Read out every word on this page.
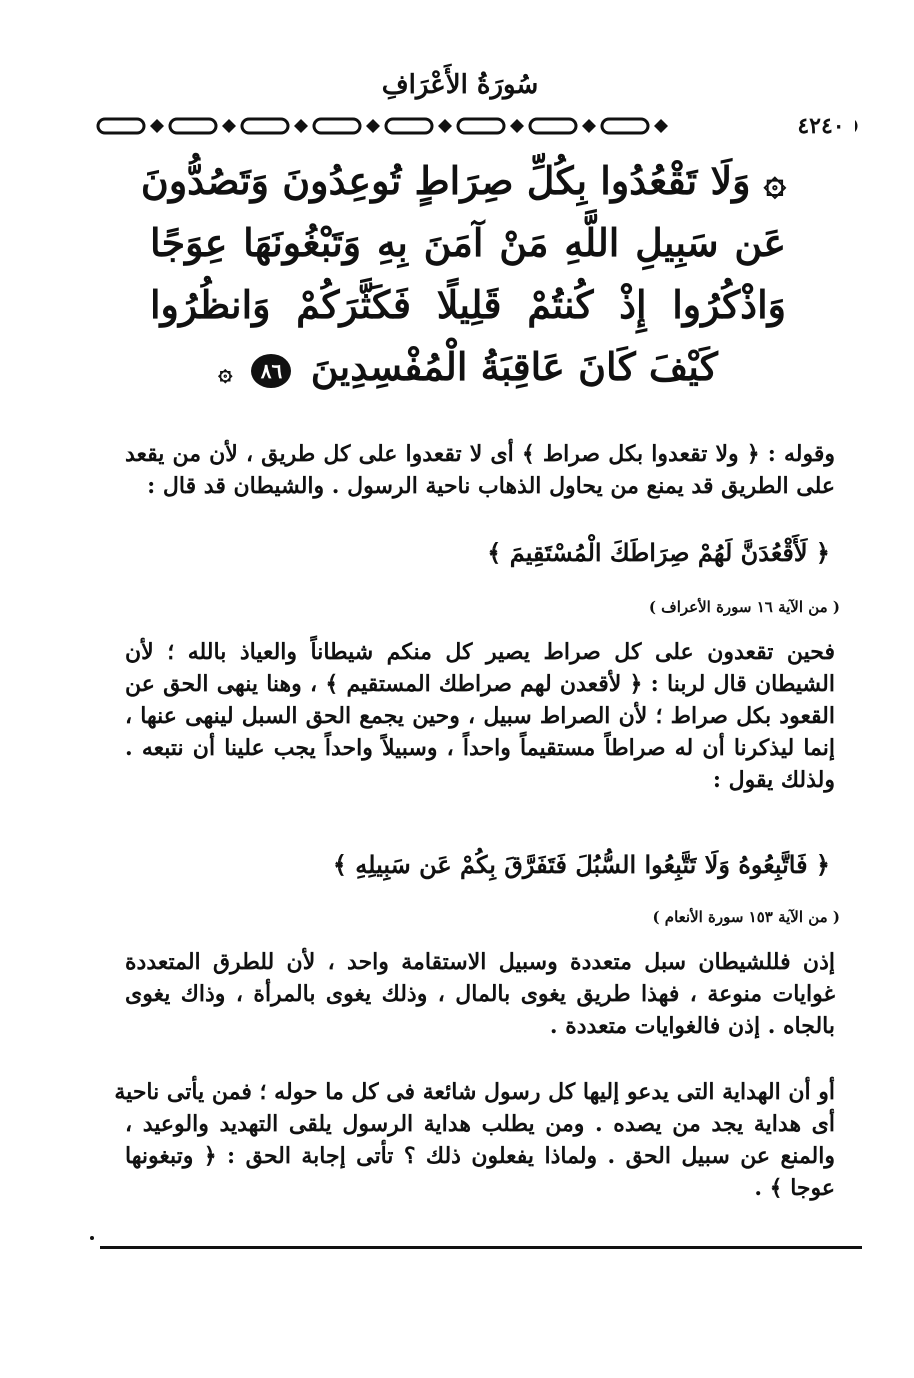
سُورَةُ الأَعْرَافِ
٤٢٤٠
۞ وَلَا تَقْعُدُوا بِكُلِّ صِرَاطٍ تُوعِدُونَ وَتَصُدُّونَ
عَن سَبِيلِ اللَّهِ مَنْ آمَنَ بِهِ وَتَبْغُونَهَا عِوَجًا
وَاذْكُرُوا إِذْ كُنتُمْ قَلِيلًا فَكَثَّرَكُمْ وَانظُرُوا
كَيْفَ كَانَ عَاقِبَةُ الْمُفْسِدِينَ ٨٦ ۞
وقوله : ﴿ ولا تقعدوا بكل صراط ﴾ أى لا تقعدوا على كل طريق ، لأن من يقعد
على الطريق قد يمنع من يحاول الذهاب ناحية الرسول . والشيطان قد قال :
﴿ لَأَقْعُدَنَّ لَهُمْ صِرَاطَكَ الْمُسْتَقِيمَ ﴾
( من الآية ١٦ سورة الأعراف )
فحين تقعدون على كل صراط يصير كل منكم شيطاناً والعياذ بالله ؛ لأن
الشيطان قال لربنا : ﴿ لأقعدن لهم صراطك المستقيم ﴾ ، وهنا ينهى الحق عن
القعود بكل صراط ؛ لأن الصراط سبيل ، وحين يجمع الحق السبل لينهى عنها ،
إنما ليذكرنا أن له صراطاً مستقيماً واحداً ، وسبيلاً واحداً يجب علينا أن نتبعه .
ولذلك يقول :
﴿ فَاتَّبِعُوهُ وَلَا تَتَّبِعُوا السُّبُلَ فَتَفَرَّقَ بِكُمْ عَن سَبِيلِهِ ﴾
( من الآية ١٥٣ سورة الأنعام )
إذن فللشيطان سبل متعددة وسبيل الاستقامة واحد ، لأن للطرق المتعددة
غوايات منوعة ، فهذا طريق يغوى بالمال ، وذلك يغوى بالمرأة ، وذاك يغوى
بالجاه . إذن فالغوايات متعددة .
أو أن الهداية التى يدعو إليها كل رسول شائعة فى كل ما حوله ؛ فمن يأتى ناحية
أى هداية يجد من يصده . ومن يطلب هداية الرسول يلقى التهديد والوعيد ،
والمنع عن سبيل الحق . ولماذا يفعلون ذلك ؟ تأتى إجابة الحق : ﴿ وتبغونها
عوجا ﴾ .
